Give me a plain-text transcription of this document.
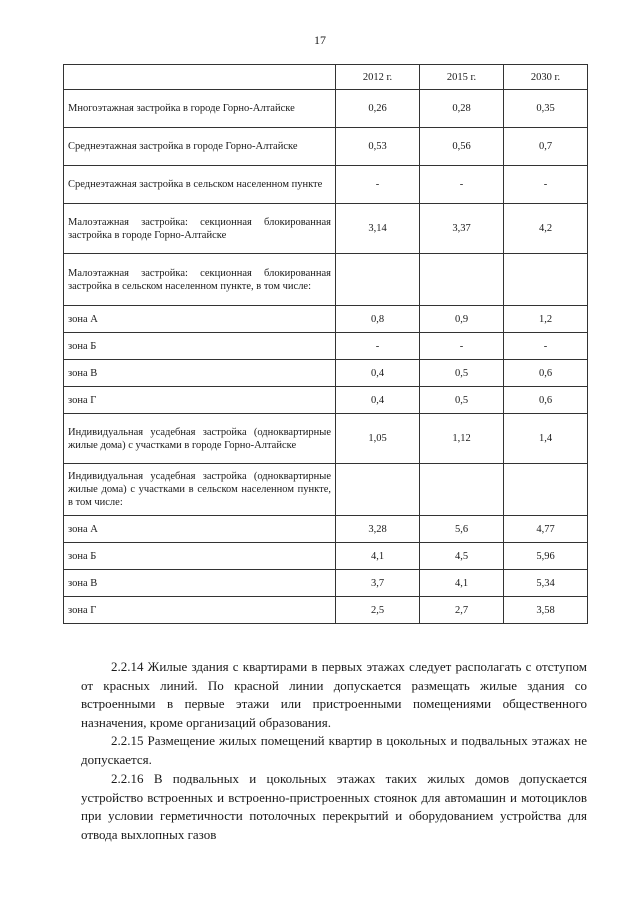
17
	2012 г.	2015 г.	2030 г.
Многоэтажная застройка в городе Горно-Алтайске	0,26	0,28	0,35
Среднеэтажная застройка в городе Горно-Алтайске	0,53	0,56	0,7
Среднеэтажная застройка в сельском населенном пункте	-	-	-
Малоэтажная застройка: секционная блокированная застройка в городе Горно-Алтайске	3,14	3,37	4,2
Малоэтажная застройка: секционная блокированная застройка в сельском населенном пункте, в том числе:			
зона А	0,8	0,9	1,2
зона Б	-	-	-
зона В	0,4	0,5	0,6
зона Г	0,4	0,5	0,6
Индивидуальная усадебная застройка (одноквартирные жилые дома) с участками в городе Горно-Алтайске	1,05	1,12	1,4
Индивидуальная усадебная застройка (одноквартирные жилые дома) с участками в сельском населенном пункте, в том числе:			
зона А	3,28	5,6	4,77
зона Б	4,1	4,5	5,96
зона В	3,7	4,1	5,34
зона Г	2,5	2,7	3,58

2.2.14 Жилые здания с квартирами в первых этажах следует располагать с отступом от красных линий. По красной линии допускается размещать жилые здания со встроенными в первые этажи или пристроенными помещениями общественного назначения, кроме организаций образования.

2.2.15 Размещение жилых помещений квартир в цокольных и подвальных этажах не допускается.

2.2.16 В подвальных и цокольных этажах таких жилых домов допускается устройство встроенных и встроенно-пристроенных стоянок для автомашин и мотоциклов при условии герметичности потолочных перекрытий и оборудованием устройства для отвода выхлопных газов
